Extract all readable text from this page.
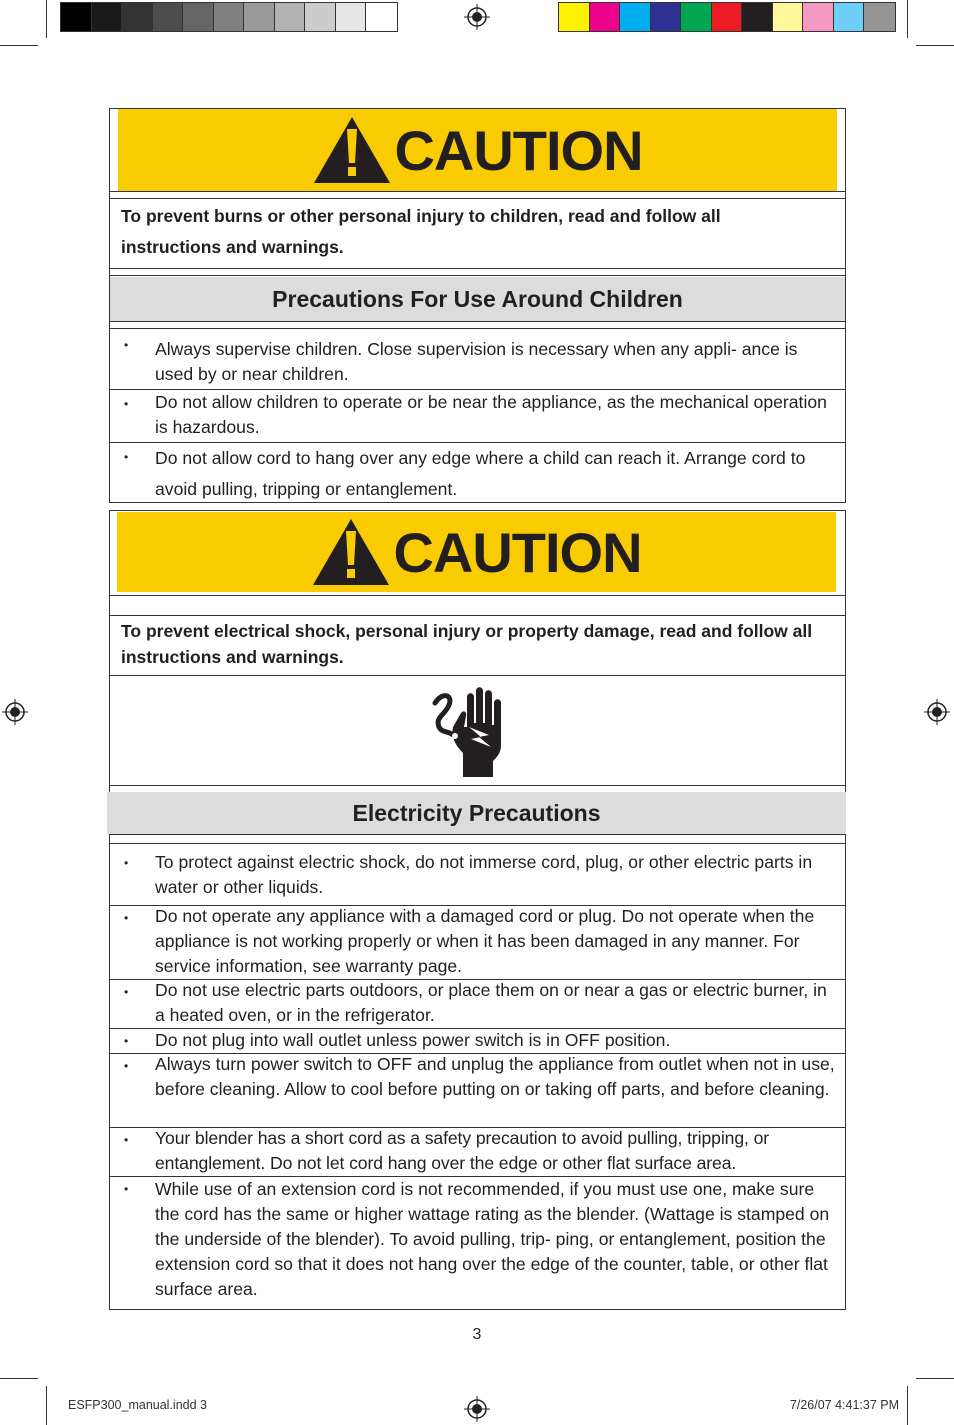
CAUTION
To prevent burns or other personal injury to children, read and follow all instructions and warnings.
Precautions For Use Around Children
• Always supervise children. Close supervision is necessary when any appli- ance is used by or near children.
• Do not allow children to operate or be near the appliance, as the mechanical operation is hazardous.
• Do not allow cord to hang over any edge where a child can reach it. Arrange cord to avoid pulling, tripping or entanglement.
CAUTION
To prevent electrical shock, personal injury or property damage, read and follow all instructions and warnings.
Electricity Precautions
• To protect against electric shock, do not immerse cord, plug, or other electric parts in water or other liquids.
• Do not operate any appliance with a damaged cord or plug. Do not operate when the appliance is not working properly or when it has been damaged in any manner. For service information, see warranty page.
• Do not use electric parts outdoors, or place them on or near a gas or electric burner, in a heated oven, or in the refrigerator.
• Do not plug into wall outlet unless power switch is in OFF position.
• Always turn power switch to OFF and unplug the appliance from outlet when not in use, before cleaning. Allow to cool before putting on or taking off parts, and before cleaning.
• Your blender has a short cord as a safety precaution to avoid pulling, tripping, or entanglement. Do not let cord hang over the edge or other flat surface area.
• While use of an extension cord is not recommended, if you must use one, make sure the cord has the same or higher wattage rating as the blender. (Wattage is stamped on the underside of the blender). To avoid pulling, trip- ping, or entanglement, position the extension cord so that it does not hang over the edge of the counter, table, or other flat surface area.
3
ESFP300_manual.indd 3	7/26/07 4:41:37 PM
